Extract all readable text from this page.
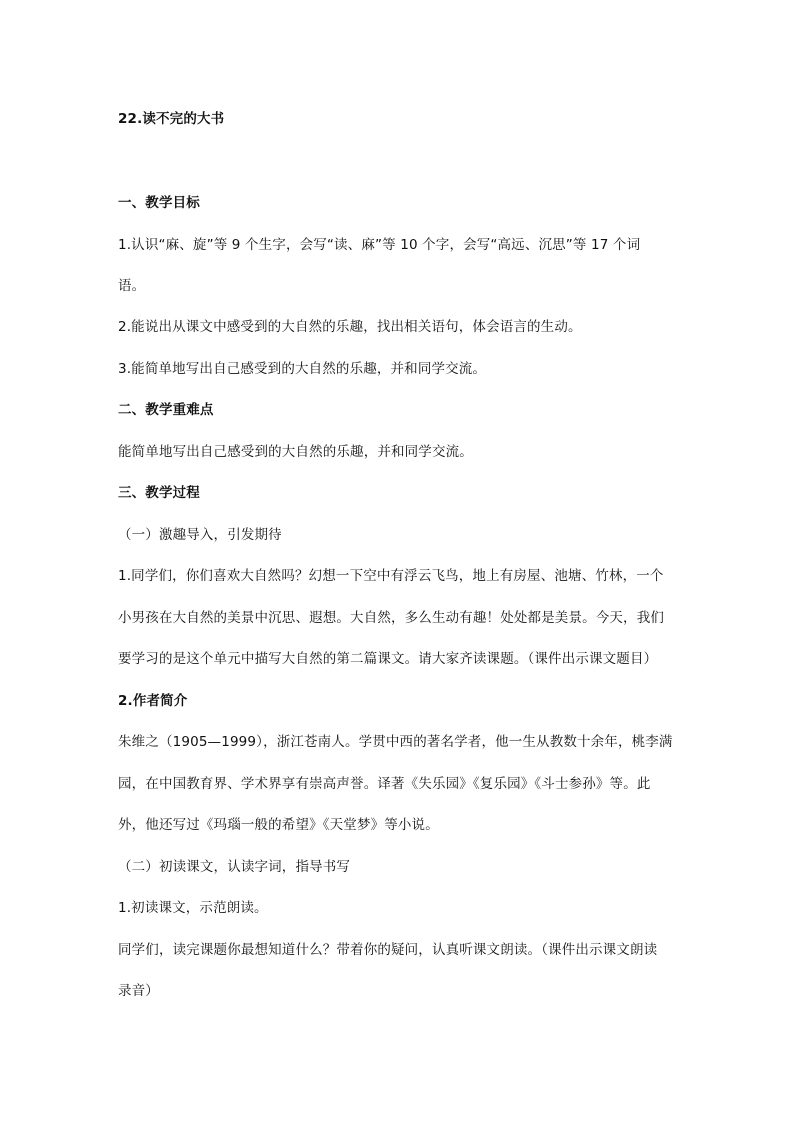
22.读不完的大书
一、教学目标
1.认识“麻、旋”等 9 个生字，会写“读、麻”等 10 个字，会写“高远、沉思”等 17 个词
语。
2.能说出从课文中感受到的大自然的乐趣，找出相关语句，体会语言的生动。
3.能简单地写出自己感受到的大自然的乐趣，并和同学交流。
二、教学重难点
能简单地写出自己感受到的大自然的乐趣，并和同学交流。
三、教学过程
（一）激趣导入，引发期待
1.同学们，你们喜欢大自然吗？幻想一下空中有浮云飞鸟，地上有房屋、池塘、竹林，一个
小男孩在大自然的美景中沉思、遐想。大自然，多么生动有趣！处处都是美景。今天，我们
要学习的是这个单元中描写大自然的第二篇课文。请大家齐读课题。（课件出示课文题目）
2.作者简介
朱维之（1905—1999），浙江苍南人。学贯中西的著名学者，他一生从教数十余年，桃李满
园，在中国教育界、学术界享有崇高声誉。译著《失乐园》《复乐园》《斗士参孙》等。此
外，他还写过《玛瑙一般的希望》《天堂梦》等小说。
（二）初读课文，认读字词，指导书写
1.初读课文，示范朗读。
同学们，读完课题你最想知道什么？带着你的疑问，认真听课文朗读。（课件出示课文朗读
录音）
